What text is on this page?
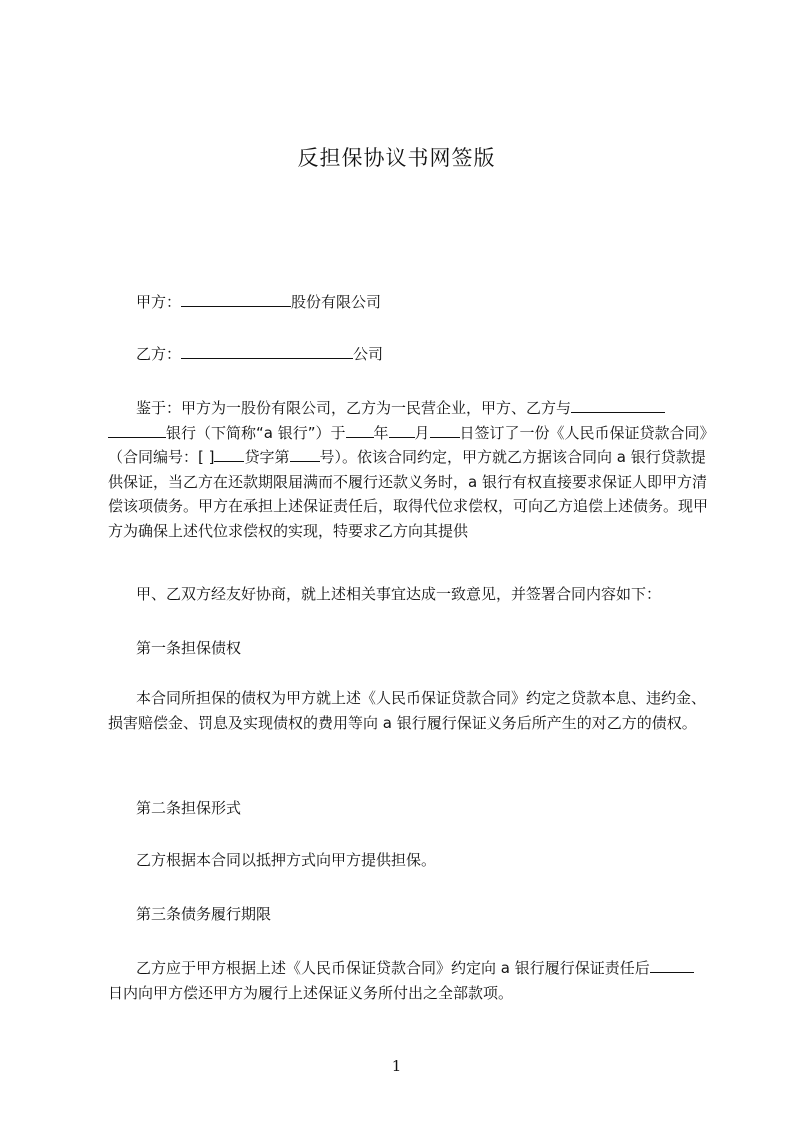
反担保协议书网签版
甲方：	股份有限公司
乙方：	公司
鉴于：甲方为一股份有限公司，乙方为一民营企业，甲方、乙方与银行（下简称“a 银行”）于 年 月 日签订了一份《人民币保证贷款合同》（合同编号：[ ] 贷字第 号）。依该合同约定，甲方就乙方据该合同向 a 银行贷款提供保证，当乙方在还款期限届满而不履行还款义务时，a 银行有权直接要求保证人即甲方清偿该项债务。甲方在承担上述保证责任后，取得代位求偿权，可向乙方追偿上述债务。现甲方为确保上述代位求偿权的实现，特要求乙方向其提供
甲、乙双方经友好协商，就上述相关事宜达成一致意见，并签署合同内容如下：
第一条担保债权
本合同所担保的债权为甲方就上述《人民币保证贷款合同》约定之贷款本息、违约金、损害赔偿金、罚息及实现债权的费用等向 a 银行履行保证义务后所产生的对乙方的债权。
第二条担保形式
乙方根据本合同以抵押方式向甲方提供担保。
第三条债务履行期限
乙方应于甲方根据上述《人民币保证贷款合同》约定向 a 银行履行保证责任后日内向甲方偿还甲方为履行上述保证义务所付出之全部款项。
1
